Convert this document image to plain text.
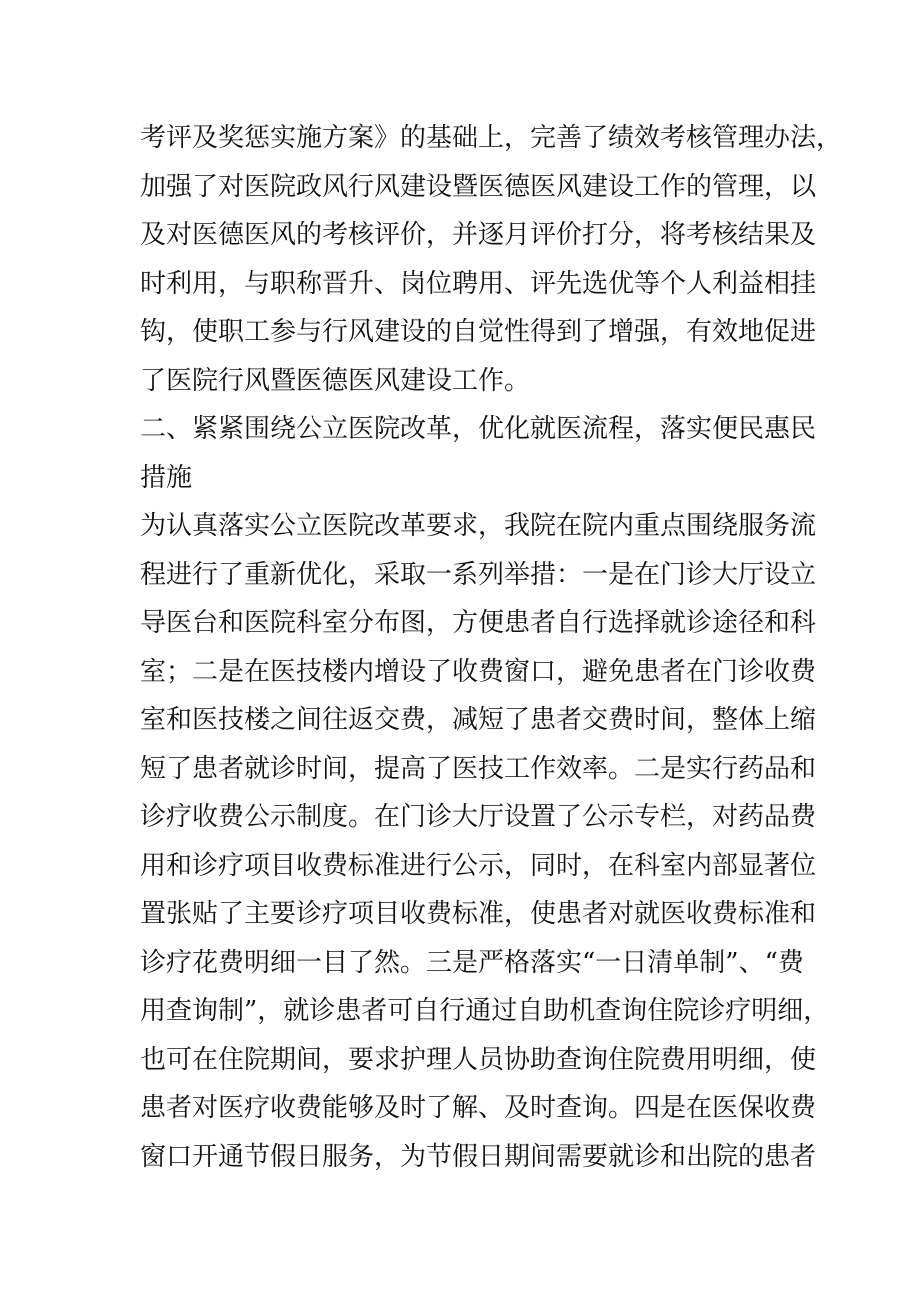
考评及奖惩实施方案》的基础上，完善了绩效考核管理办法，
加强了对医院政风行风建设暨医德医风建设工作的管理，以
及对医德医风的考核评价，并逐月评价打分，将考核结果及
时利用，与职称晋升、岗位聘用、评先选优等个人利益相挂
钩，使职工参与行风建设的自觉性得到了增强，有效地促进
了医院行风暨医德医风建设工作。
二、紧紧围绕公立医院改革，优化就医流程，落实便民惠民
措施
为认真落实公立医院改革要求，我院在院内重点围绕服务流
程进行了重新优化，采取一系列举措：一是在门诊大厅设立
导医台和医院科室分布图，方便患者自行选择就诊途径和科
室；二是在医技楼内增设了收费窗口，避免患者在门诊收费
室和医技楼之间往返交费，减短了患者交费时间，整体上缩
短了患者就诊时间，提高了医技工作效率。二是实行药品和
诊疗收费公示制度。在门诊大厅设置了公示专栏，对药品费
用和诊疗项目收费标准进行公示，同时，在科室内部显著位
置张贴了主要诊疗项目收费标准，使患者对就医收费标准和
诊疗花费明细一目了然。三是严格落实“一日清单制”、“费
用查询制”，就诊患者可自行通过自助机查询住院诊疗明细，
也可在住院期间，要求护理人员协助查询住院费用明细，使
患者对医疗收费能够及时了解、及时查询。四是在医保收费
窗口开通节假日服务，为节假日期间需要就诊和出院的患者
